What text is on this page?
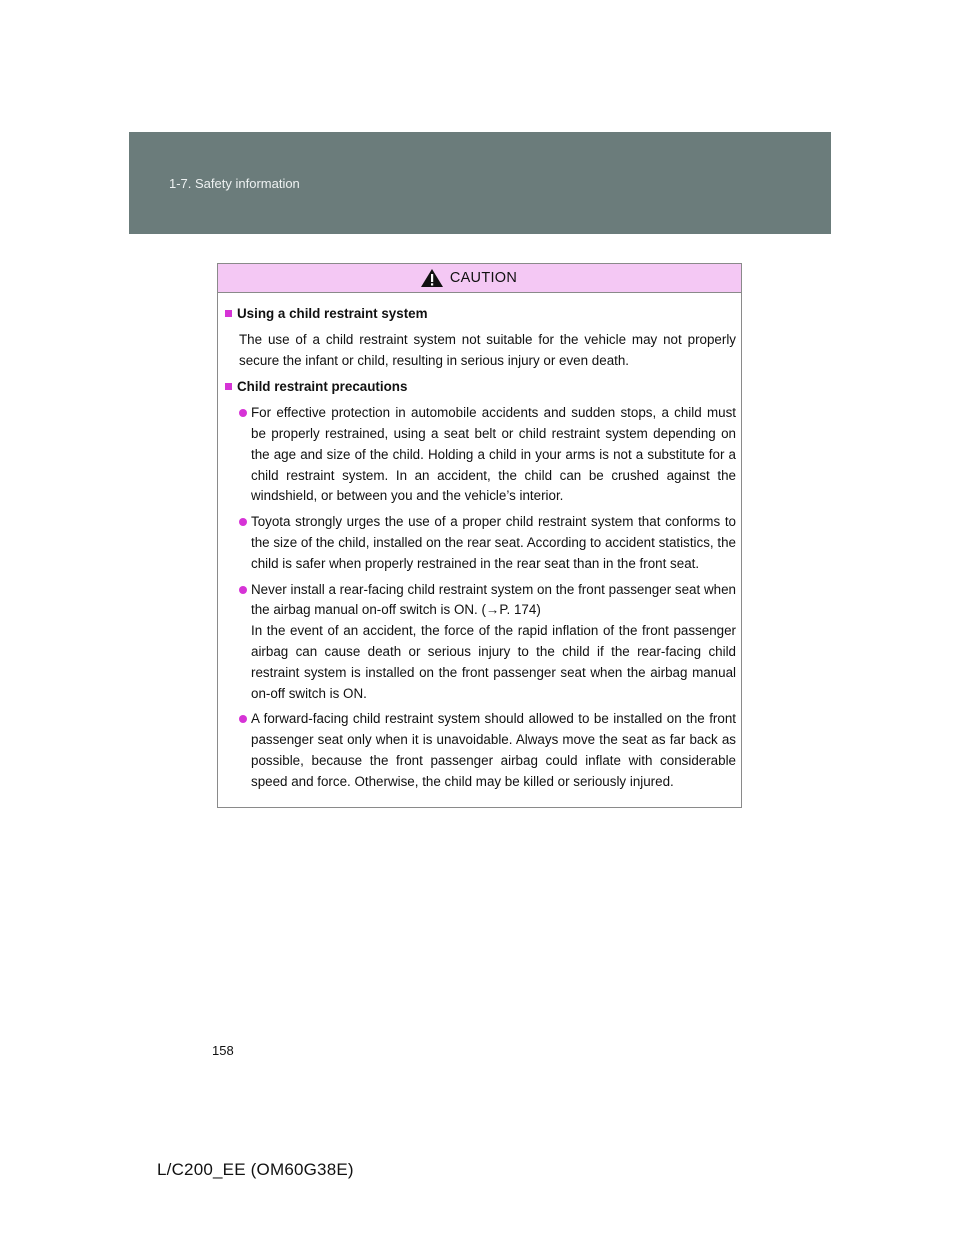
1-7. Safety information
CAUTION
Using a child restraint system
The use of a child restraint system not suitable for the vehicle may not properly secure the infant or child, resulting in serious injury or even death.
Child restraint precautions
For effective protection in automobile accidents and sudden stops, a child must be properly restrained, using a seat belt or child restraint system depending on the age and size of the child. Holding a child in your arms is not a substitute for a child restraint system. In an accident, the child can be crushed against the windshield, or between you and the vehicle’s interior.
Toyota strongly urges the use of a proper child restraint system that conforms to the size of the child, installed on the rear seat. According to accident statistics, the child is safer when properly restrained in the rear seat than in the front seat.
Never install a rear-facing child restraint system on the front passenger seat when the airbag manual on-off switch is ON. (→P. 174)
In the event of an accident, the force of the rapid inflation of the front passenger airbag can cause death or serious injury to the child if the rear-facing child restraint system is installed on the front passenger seat when the airbag manual on-off switch is ON.
A forward-facing child restraint system should allowed to be installed on the front passenger seat only when it is unavoidable. Always move the seat as far back as possible, because the front passenger airbag could inflate with considerable speed and force. Otherwise, the child may be killed or seriously injured.
158
L/C200_EE (OM60G38E)
